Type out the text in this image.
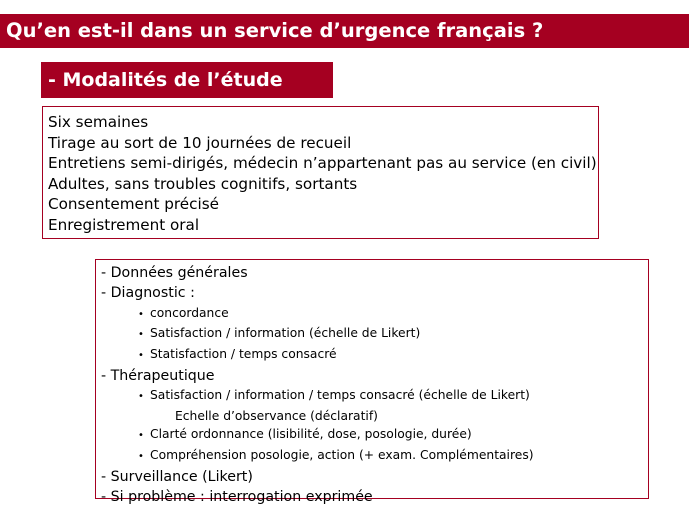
Qu’en est-il dans un service d’urgence français ?
- Modalités de l’étude
Six semaines
Tirage au sort de 10 journées de recueil
Entretiens semi-dirigés, médecin n’appartenant pas au service (en civil)
Adultes, sans troubles cognitifs, sortants
Consentement précisé
Enregistrement oral
- Données générales
- Diagnostic :
• concordance
• Satisfaction / information (échelle de Likert)
• Statisfaction / temps consacré
- Thérapeutique
• Satisfaction / information / temps consacré (échelle de Likert)
Echelle d’observance (déclaratif)
• Clarté ordonnance (lisibilité, dose, posologie, durée)
• Compréhension posologie, action (+ exam. Complémentaires)
- Surveillance (Likert)
- Si problème : interrogation exprimée
